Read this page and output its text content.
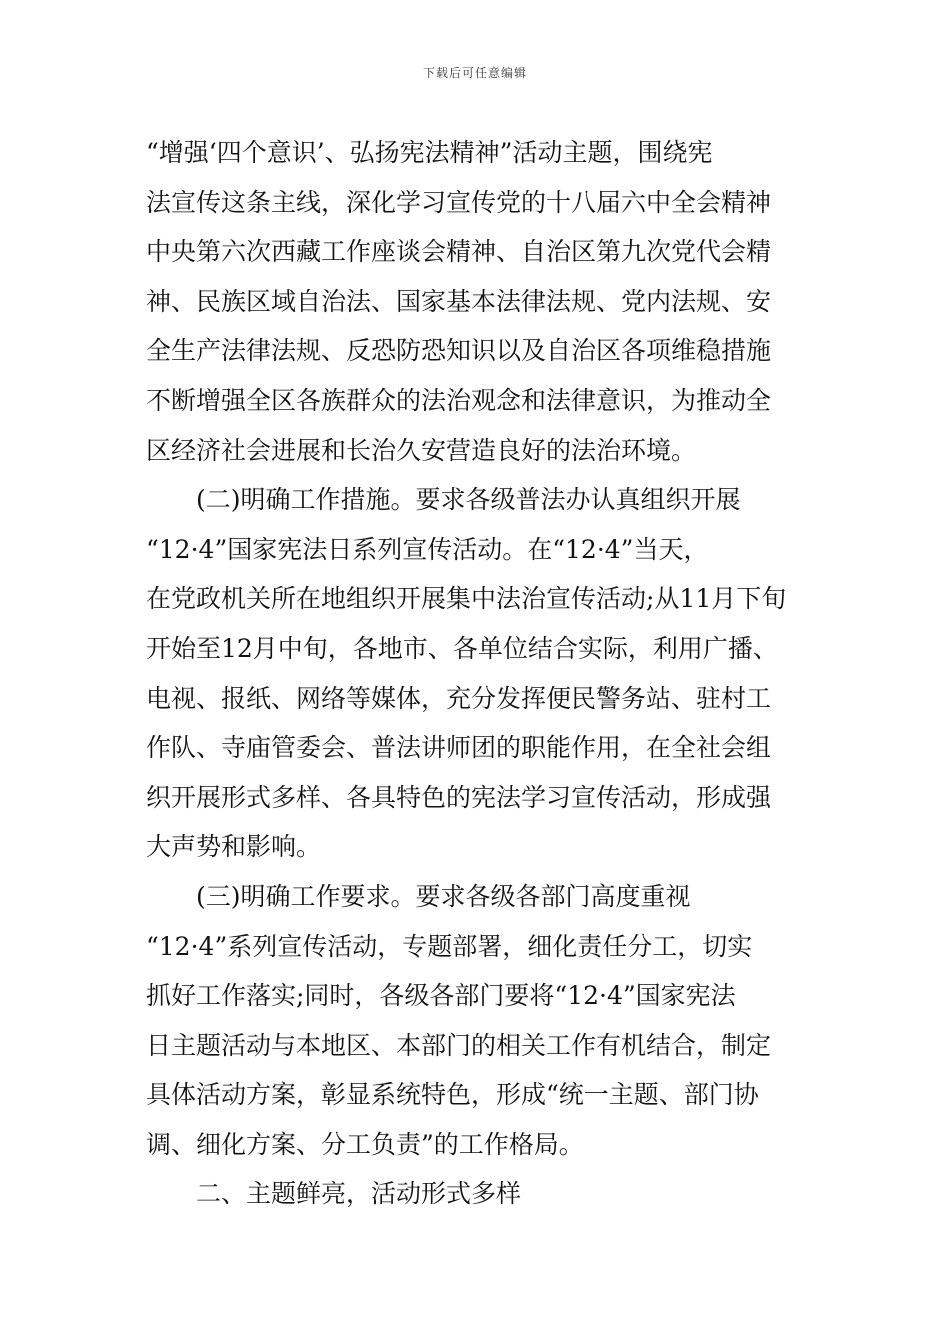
下载后可任意编辑
“增强‘四个意识’、弘扬宪法精神”活动主题，围绕宪
法宣传这条主线，深化学习宣传党的十八届六中全会精神
中央第六次西藏工作座谈会精神、自治区第九次党代会精
神、民族区域自治法、国家基本法律法规、党内法规、安
全生产法律法规、反恐防恐知识以及自治区各项维稳措施
不断增强全区各族群众的法治观念和法律意识，为推动全
区经济社会进展和长治久安营造良好的法治环境。
(二)明确工作措施。要求各级普法办认真组织开展
“12·4”国家宪法日系列宣传活动。在“12·4”当天，
在党政机关所在地组织开展集中法治宣传活动;从11月下旬
开始至12月中旬，各地市、各单位结合实际，利用广播、
电视、报纸、网络等媒体，充分发挥便民警务站、驻村工
作队、寺庙管委会、普法讲师团的职能作用，在全社会组
织开展形式多样、各具特色的宪法学习宣传活动，形成强
大声势和影响。
(三)明确工作要求。要求各级各部门高度重视
“12·4”系列宣传活动，专题部署，细化责任分工，切实
抓好工作落实;同时，各级各部门要将“12·4”国家宪法
日主题活动与本地区、本部门的相关工作有机结合，制定
具体活动方案，彰显系统特色，形成“统一主题、部门协
调、细化方案、分工负责”的工作格局。
二、主题鲜亮，活动形式多样
